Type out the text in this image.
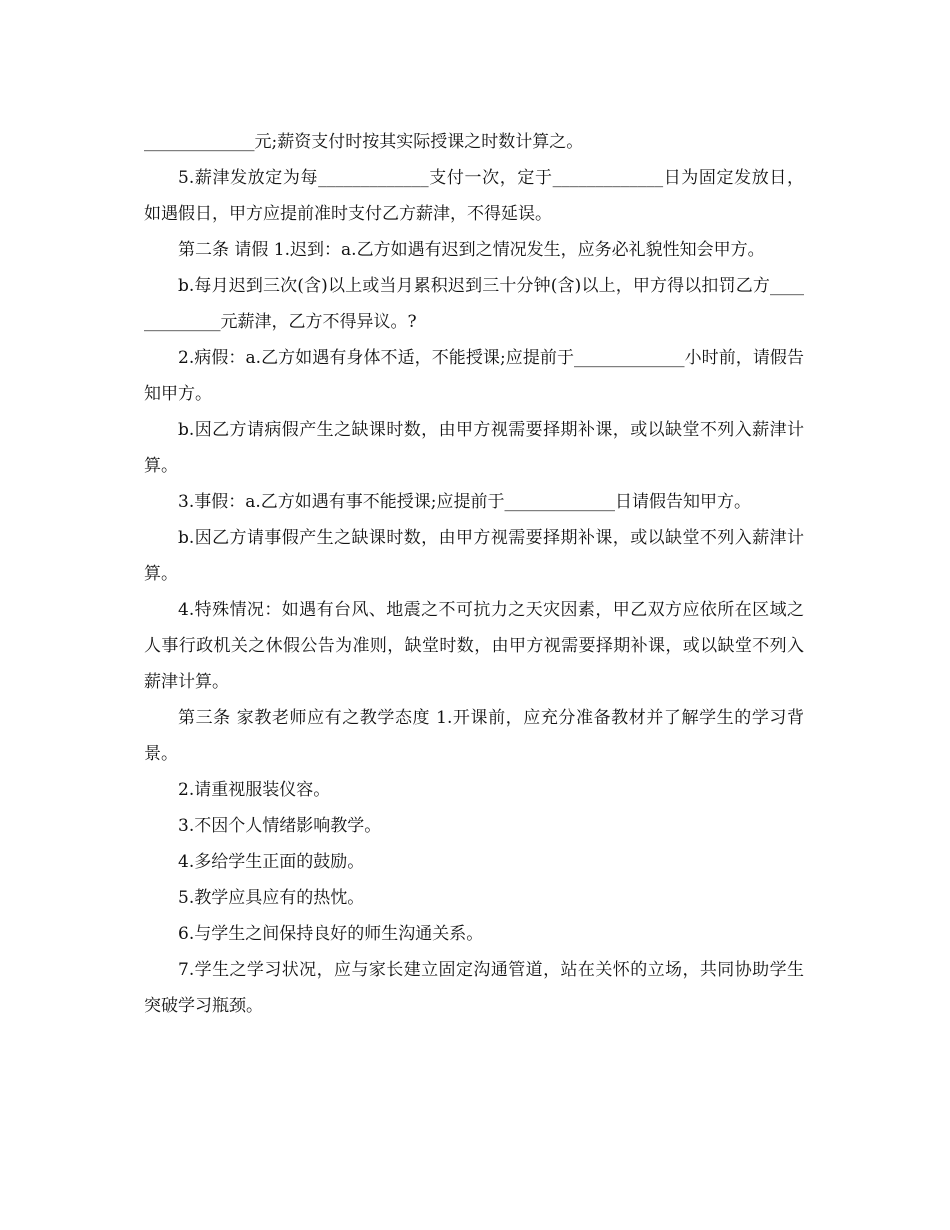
_____________元;薪资支付时按其实际授课之时数计算之。

5.薪津发放定为每_____________支付一次，定于_____________日为固定发放日，如遇假日，甲方应提前准时支付乙方薪津，不得延误。

第二条 请假 1.迟到：a.乙方如遇有迟到之情况发生，应务必礼貌性知会甲方。

b.每月迟到三次(含)以上或当月累积迟到三十分钟(含)以上，甲方得以扣罚乙方_____________元薪津，乙方不得异议。?

2.病假：a.乙方如遇有身体不适，不能授课;应提前于_____________小时前，请假告知甲方。

b.因乙方请病假产生之缺课时数，由甲方视需要择期补课，或以缺堂不列入薪津计算。

3.事假：a.乙方如遇有事不能授课;应提前于_____________日请假告知甲方。

b.因乙方请事假产生之缺课时数，由甲方视需要择期补课，或以缺堂不列入薪津计算。

4.特殊情况：如遇有台风、地震之不可抗力之天灾因素，甲乙双方应依所在区域之人事行政机关之休假公告为准则，缺堂时数，由甲方视需要择期补课，或以缺堂不列入薪津计算。

第三条 家教老师应有之教学态度 1.开课前，应充分准备教材并了解学生的学习背景。

2.请重视服装仪容。

3.不因个人情绪影响教学。

4.多给学生正面的鼓励。

5.教学应具应有的热忱。

6.与学生之间保持良好的师生沟通关系。

7.学生之学习状况，应与家长建立固定沟通管道，站在关怀的立场，共同协助学生突破学习瓶颈。
